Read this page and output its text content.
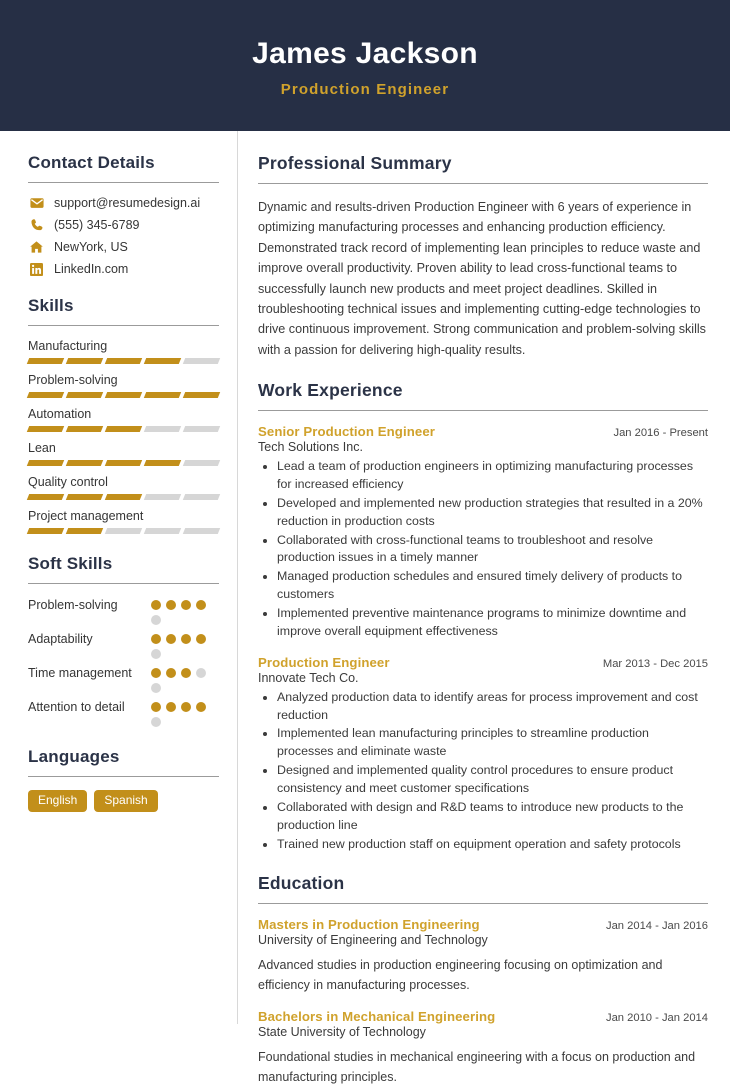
James Jackson
Production Engineer
Contact Details
support@resumedesign.ai
(555) 345-6789
NewYork, US
LinkedIn.com
Skills
Manufacturing
Problem-solving
Automation
Lean
Quality control
Project management
Soft Skills
Problem-solving
Adaptability
Time management
Attention to detail
Languages
English	Spanish
Professional Summary
Dynamic and results-driven Production Engineer with 6 years of experience in optimizing manufacturing processes and enhancing production efficiency. Demonstrated track record of implementing lean principles to reduce waste and improve overall productivity. Proven ability to lead cross-functional teams to successfully launch new products and meet project deadlines. Skilled in troubleshooting technical issues and implementing cutting-edge technologies to drive continuous improvement. Strong communication and problem-solving skills with a passion for delivering high-quality results.
Work Experience
Senior Production Engineer	Jan 2016 - Present
Tech Solutions Inc.
• Lead a team of production engineers in optimizing manufacturing processes for increased efficiency
• Developed and implemented new production strategies that resulted in a 20% reduction in production costs
• Collaborated with cross-functional teams to troubleshoot and resolve production issues in a timely manner
• Managed production schedules and ensured timely delivery of products to customers
• Implemented preventive maintenance programs to minimize downtime and improve overall equipment effectiveness
Production Engineer	Mar 2013 - Dec 2015
Innovate Tech Co.
• Analyzed production data to identify areas for process improvement and cost reduction
• Implemented lean manufacturing principles to streamline production processes and eliminate waste
• Designed and implemented quality control procedures to ensure product consistency and meet customer specifications
• Collaborated with design and R&D teams to introduce new products to the production line
• Trained new production staff on equipment operation and safety protocols
Education
Masters in Production Engineering	Jan 2014 - Jan 2016
University of Engineering and Technology
Advanced studies in production engineering focusing on optimization and efficiency in manufacturing processes.
Bachelors in Mechanical Engineering	Jan 2010 - Jan 2014
State University of Technology
Foundational studies in mechanical engineering with a focus on production and manufacturing principles.
